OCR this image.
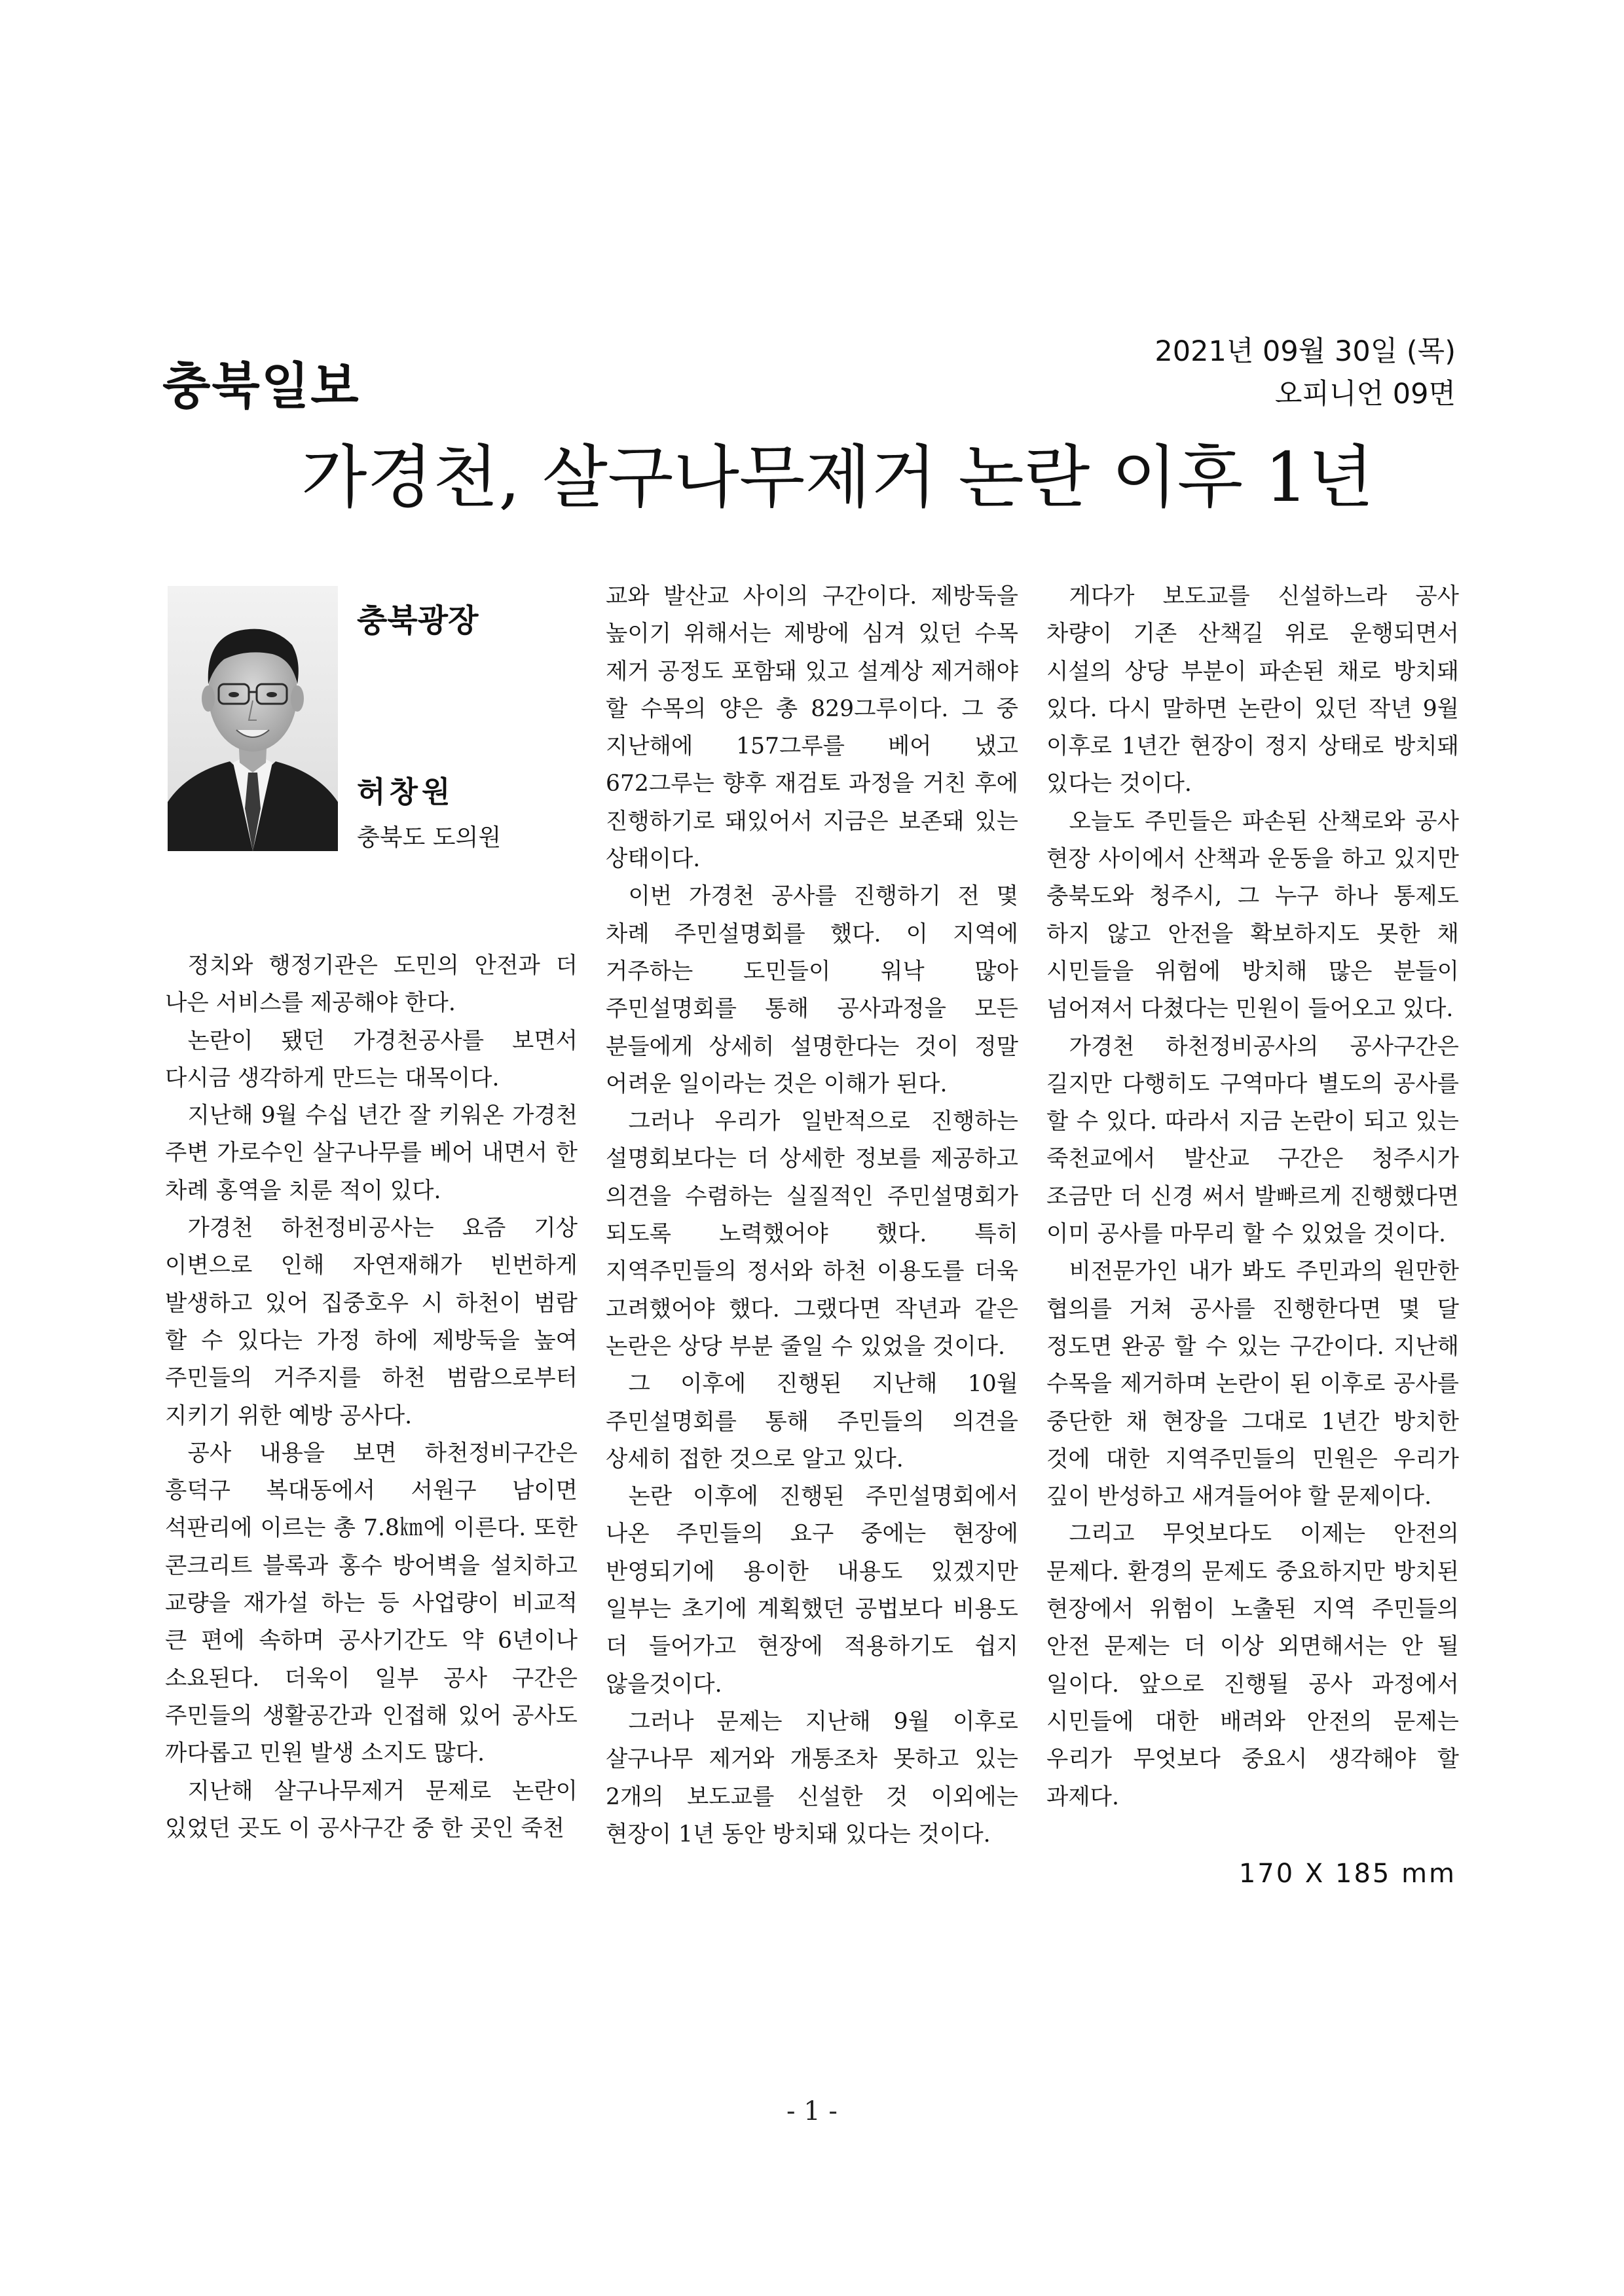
2021년 09월 30일 (목)
오피니언 09면
충북일보
가경천, 살구나무제거 논란 이후 1년
충북광장
허창원
충북도 도의원

정치와 행정기관은 도민의 안전과 더 나은 서비스를 제공해야 한다.

논란이 됐던 가경천공사를 보면서 다시금 생각하게 만드는 대목이다.

지난해 9월 수십 년간 잘 키워온 가경천 주변 가로수인 살구나무를 베어 내면서 한 차례 홍역을 치룬 적이 있다.

가경천 하천정비공사는 요즘 기상 이변으로 인해 자연재해가 빈번하게 발생하고 있어 집중호우 시 하천이 범람 할 수 있다는 가정 하에 제방둑을 높여 주민들의 거주지를 하천 범람으로부터 지키기 위한 예방 공사다.

공사 내용을 보면 하천정비구간은 흥덕구 복대동에서 서원구 남이면 석판리에 이르는 총 7.8㎞에 이른다. 또한 콘크리트 블록과 홍수 방어벽을 설치하고 교량을 재가설 하는 등 사업량이 비교적 큰 편에 속하며 공사기간도 약 6년이나 소요된다. 더욱이 일부 공사 구간은 주민들의 생활공간과 인접해 있어 공사도 까다롭고 민원 발생 소지도 많다.

지난해 살구나무제거 문제로 논란이 있었던 곳도 이 공사구간 중 한 곳인 죽천

교와 발산교 사이의 구간이다. 제방둑을 높이기 위해서는 제방에 심겨 있던 수목 제거 공정도 포함돼 있고 설계상 제거해야 할 수목의 양은 총 829그루이다. 그 중 지난해에 157그루를 베어 냈고 672그루는 향후 재검토 과정을 거친 후에 진행하기로 돼있어서 지금은 보존돼 있는 상태이다.

이번 가경천 공사를 진행하기 전 몇 차례 주민설명회를 했다. 이 지역에 거주하는 도민들이 워낙 많아 주민설명회를 통해 공사과정을 모든 분들에게 상세히 설명한다는 것이 정말 어려운 일이라는 것은 이해가 된다.

그러나 우리가 일반적으로 진행하는 설명회보다는 더 상세한 정보를 제공하고 의견을 수렴하는 실질적인 주민설명회가 되도록 노력했어야 했다. 특히 지역주민들의 정서와 하천 이용도를 더욱 고려했어야 했다. 그랬다면 작년과 같은 논란은 상당 부분 줄일 수 있었을 것이다.

그 이후에 진행된 지난해 10월 주민설명회를 통해 주민들의 의견을 상세히 접한 것으로 알고 있다.

논란 이후에 진행된 주민설명회에서 나온 주민들의 요구 중에는 현장에 반영되기에 용이한 내용도 있겠지만 일부는 초기에 계획했던 공법보다 비용도 더 들어가고 현장에 적용하기도 쉽지 않을것이다.

그러나 문제는 지난해 9월 이후로 살구나무 제거와 개통조차 못하고 있는 2개의 보도교를 신설한 것 이외에는 현장이 1년 동안 방치돼 있다는 것이다.

게다가 보도교를 신설하느라 공사 차량이 기존 산책길 위로 운행되면서 시설의 상당 부분이 파손된 채로 방치돼 있다. 다시 말하면 논란이 있던 작년 9월 이후로 1년간 현장이 정지 상태로 방치돼 있다는 것이다.

오늘도 주민들은 파손된 산책로와 공사 현장 사이에서 산책과 운동을 하고 있지만 충북도와 청주시, 그 누구 하나 통제도 하지 않고 안전을 확보하지도 못한 채 시민들을 위험에 방치해 많은 분들이 넘어져서 다쳤다는 민원이 들어오고 있다.

가경천 하천정비공사의 공사구간은 길지만 다행히도 구역마다 별도의 공사를 할 수 있다. 따라서 지금 논란이 되고 있는 죽천교에서 발산교 구간은 청주시가 조금만 더 신경 써서 발빠르게 진행했다면 이미 공사를 마무리 할 수 있었을 것이다.

비전문가인 내가 봐도 주민과의 원만한 협의를 거쳐 공사를 진행한다면 몇 달 정도면 완공 할 수 있는 구간이다. 지난해 수목을 제거하며 논란이 된 이후로 공사를 중단한 채 현장을 그대로 1년간 방치한 것에 대한 지역주민들의 민원은 우리가 깊이 반성하고 새겨들어야 할 문제이다.

그리고 무엇보다도 이제는 안전의 문제다. 환경의 문제도 중요하지만 방치된 현장에서 위험이 노출된 지역 주민들의 안전 문제는 더 이상 외면해서는 안 될 일이다. 앞으로 진행될 공사 과정에서 시민들에 대한 배려와 안전의 문제는 우리가 무엇보다 중요시 생각해야 할 과제다.

170 X 185 mm
- 1 -
